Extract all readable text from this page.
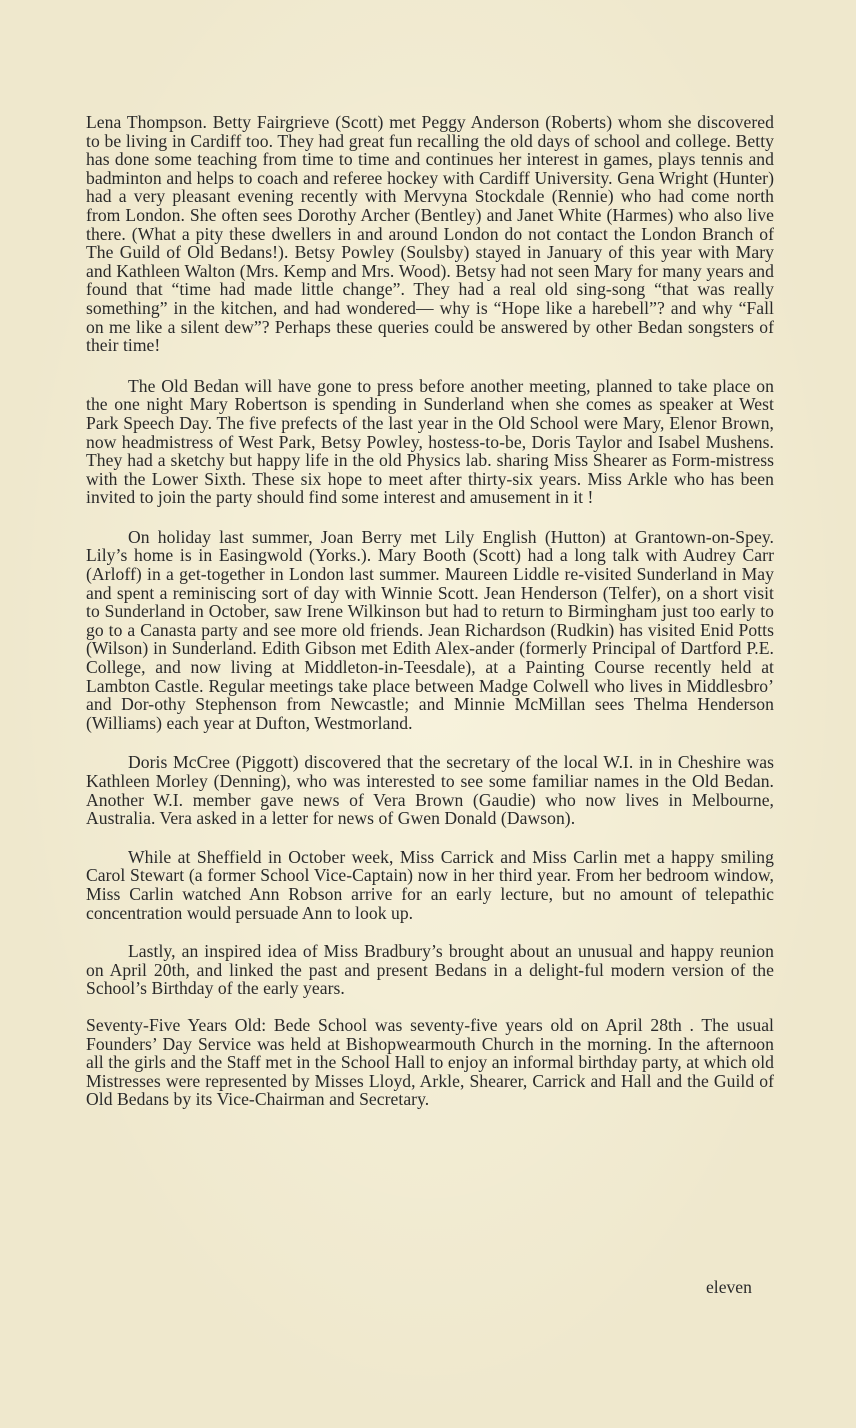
Lena Thompson. Betty Fairgrieve (Scott) met Peggy Anderson (Roberts) whom she discovered to be living in Cardiff too. They had great fun recalling the old days of school and college. Betty has done some teaching from time to time and continues her interest in games, plays tennis and badminton and helps to coach and referee hockey with Cardiff University. Gena Wright (Hunter) had a very pleasant evening recently with Mervyna Stockdale (Rennie) who had come north from London. She often sees Dorothy Archer (Bentley) and Janet White (Harmes) who also live there. (What a pity these dwellers in and around London do not contact the London Branch of The Guild of Old Bedans!). Betsy Powley (Soulsby) stayed in January of this year with Mary and Kathleen Walton (Mrs. Kemp and Mrs. Wood). Betsy had not seen Mary for many years and found that “time had made little change”. They had a real old sing-song “that was really something” in the kitchen, and had wondered— why is “Hope like a harebell”? and why “Fall on me like a silent dew”? Perhaps these queries could be answered by other Bedan songsters of their time!

The Old Bedan will have gone to press before another meeting, planned to take place on the one night Mary Robertson is spending in Sunderland when she comes as speaker at West Park Speech Day. The five prefects of the last year in the Old School were Mary, Elenor Brown, now headmistress of West Park, Betsy Powley, hostess-to-be, Doris Taylor and Isabel Mushens. They had a sketchy but happy life in the old Physics lab. sharing Miss Shearer as Form-mistress with the Lower Sixth. These six hope to meet after thirty-six years. Miss Arkle who has been invited to join the party should find some interest and amusement in it !

On holiday last summer, Joan Berry met Lily English (Hutton) at Grantown-on-Spey. Lily’s home is in Easingwold (Yorks.). Mary Booth (Scott) had a long talk with Audrey Carr (Arloff) in a get-together in London last summer. Maureen Liddle re-visited Sunderland in May and spent a reminiscing sort of day with Winnie Scott. Jean Henderson (Telfer), on a short visit to Sunderland in October, saw Irene Wilkinson but had to return to Birmingham just too early to go to a Canasta party and see more old friends. Jean Richardson (Rudkin) has visited Enid Potts (Wilson) in Sunderland. Edith Gibson met Edith Alex-ander (formerly Principal of Dartford P.E. College, and now living at Middleton-in-Teesdale), at a Painting Course recently held at Lambton Castle. Regular meetings take place between Madge Colwell who lives in Middlesbro’ and Dor-othy Stephenson from Newcastle; and Minnie McMillan sees Thelma Henderson (Williams) each year at Dufton, Westmorland.

Doris McCree (Piggott) discovered that the secretary of the local W.I. in in Cheshire was Kathleen Morley (Denning), who was interested to see some familiar names in the Old Bedan. Another W.I. member gave news of Vera Brown (Gaudie) who now lives in Melbourne, Australia. Vera asked in a letter for news of Gwen Donald (Dawson).

While at Sheffield in October week, Miss Carrick and Miss Carlin met a happy smiling Carol Stewart (a former School Vice-Captain) now in her third year. From her bedroom window, Miss Carlin watched Ann Robson arrive for an early lecture, but no amount of telepathic concentration would persuade Ann to look up.

Lastly, an inspired idea of Miss Bradbury’s brought about an unusual and happy reunion on April 20th, and linked the past and present Bedans in a delight-ful modern version of the School’s Birthday of the early years.

Seventy-Five Years Old: Bede School was seventy-five years old on April 28th . The usual Founders’ Day Service was held at Bishopwearmouth Church in the morning. In the afternoon all the girls and the Staff met in the School Hall to enjoy an informal birthday party, at which old Mistresses were represented by Misses Lloyd, Arkle, Shearer, Carrick and Hall and the Guild of Old Bedans by its Vice-Chairman and Secretary.

eleven
